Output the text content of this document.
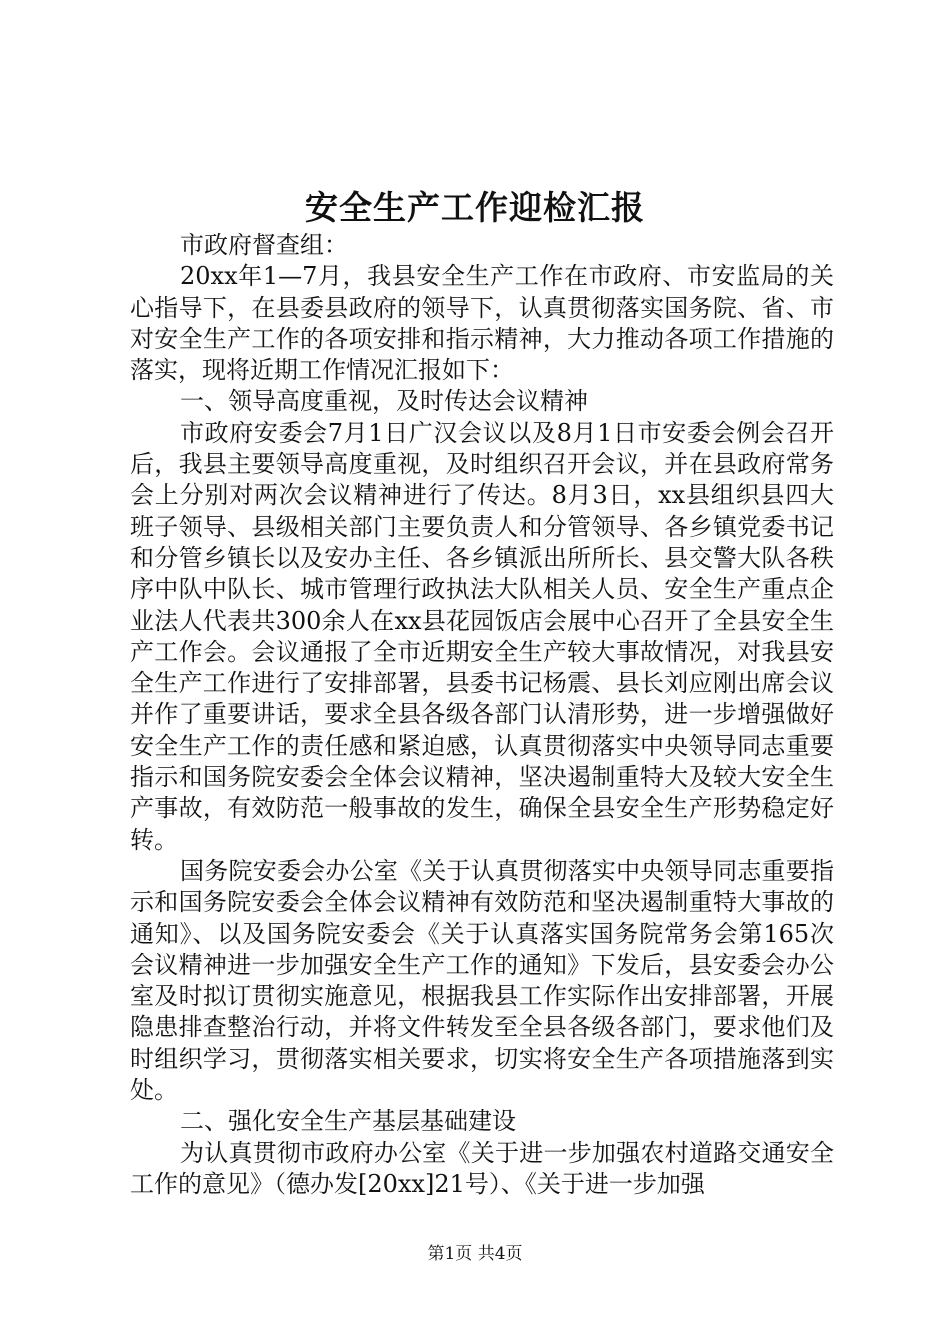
安全生产工作迎检汇报

市政府督查组：

20xx年1—7月，我县安全生产工作在市政府、市安监局的关心指导下，在县委县政府的领导下，认真贯彻落实国务院、省、市对安全生产工作的各项安排和指示精神，大力推动各项工作措施的落实，现将近期工作情况汇报如下：

一、领导高度重视，及时传达会议精神

市政府安委会7月1日广汉会议以及8月1日市安委会例会召开后，我县主要领导高度重视，及时组织召开会议，并在县政府常务会上分别对两次会议精神进行了传达。8月3日，xx县组织县四大班子领导、县级相关部门主要负责人和分管领导、各乡镇党委书记和分管乡镇长以及安办主任、各乡镇派出所所长、县交警大队各秩序中队中队长、城市管理行政执法大队相关人员、安全生产重点企业法人代表共300余人在xx县花园饭店会展中心召开了全县安全生产工作会。会议通报了全市近期安全生产较大事故情况，对我县安全生产工作进行了安排部署，县委书记杨震、县长刘应刚出席会议并作了重要讲话，要求全县各级各部门认清形势，进一步增强做好安全生产工作的责任感和紧迫感，认真贯彻落实中央领导同志重要指示和国务院安委会全体会议精神，坚决遏制重特大及较大安全生产事故，有效防范一般事故的发生，确保全县安全生产形势稳定好转。

国务院安委会办公室《关于认真贯彻落实中央领导同志重要指示和国务院安委会全体会议精神有效防范和坚决遏制重特大事故的通知》、以及国务院安委会《关于认真落实国务院常务会第165次会议精神进一步加强安全生产工作的通知》下发后，县安委会办公室及时拟订贯彻实施意见，根据我县工作实际作出安排部署，开展隐患排查整治行动，并将文件转发至全县各级各部门，要求他们及时组织学习，贯彻落实相关要求，切实将安全生产各项措施落到实处。

二、强化安全生产基层基础建设

为认真贯彻市政府办公室《关于进一步加强农村道路交通安全工作的意见》（德办发[20xx]21号）、《关于进一步加强

第1页 共4页
